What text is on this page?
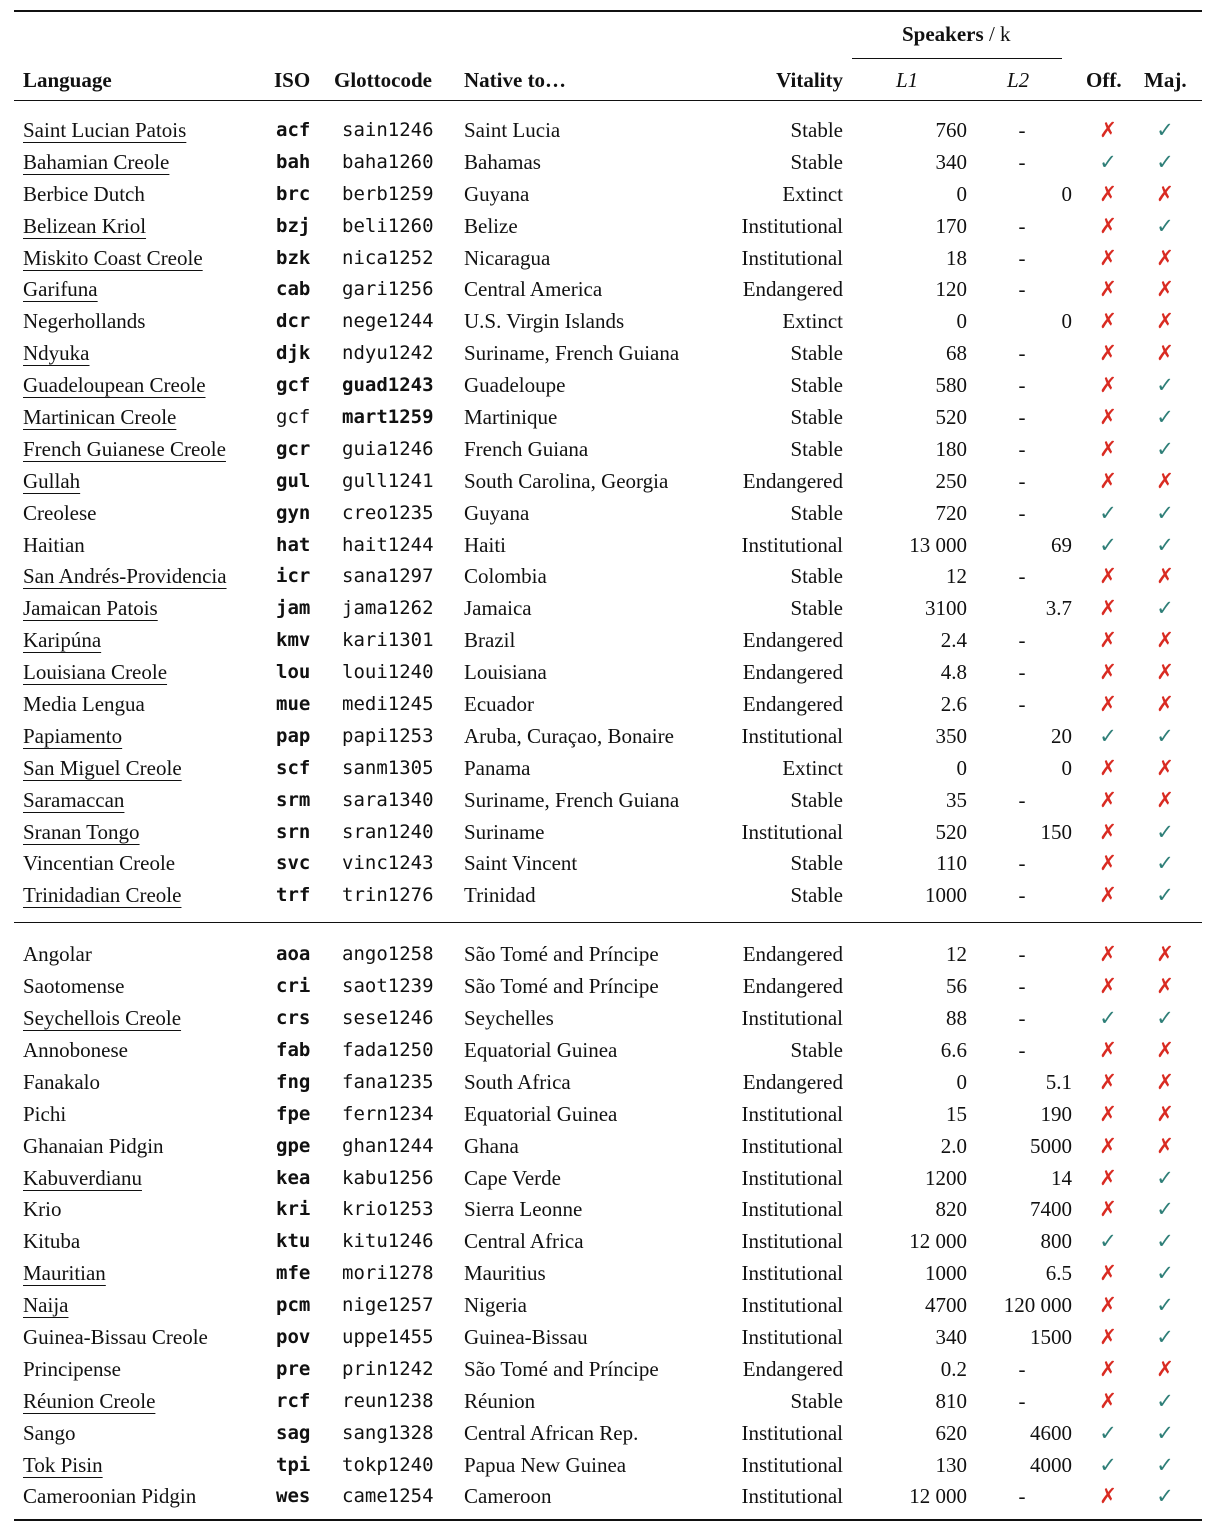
Speakers / k
Language	ISO Glottocode Native to…	Vitality	L1	L2	Off. Maj.
Saint Lucian Patois	acf sain1246 Saint Lucia	Stable	760	-	✗ ✓
Bahamian Creole	bah baha1260 Bahamas	Stable	340	-	✓ ✓
Berbice Dutch	brc berb1259 Guyana	Extinct	0	0 ✗ ✗
Belizean Kriol	bzj beli1260 Belize	Institutional	170	-	✗ ✓
Miskito Coast Creole	bzk nica1252 Nicaragua	Institutional	18	-	✗ ✗
Garifuna	cab gari1256 Central America	Endangered	120	-	✗ ✗
Negerhollands	dcr nege1244 U.S. Virgin Islands	Extinct	0	0 ✗ ✗
Ndyuka	djk ndyu1242 Suriname, French Guiana	Stable	68	-	✗ ✗
Guadeloupean Creole	gcf guad1243 Guadeloupe	Stable	580	-	✗ ✓
Martinican Creole	gcf mart1259 Martinique	Stable	520	-	✗ ✓
French Guianese Creole	gcr guia1246 French Guiana	Stable	180	-	✗ ✓
Gullah	gul gull1241 South Carolina, Georgia	Endangered	250	-	✗ ✗
Creolese	gyn creo1235 Guyana	Stable	720	-	✓ ✓
Haitian	hat hait1244 Haiti	Institutional	13 000	69 ✓ ✓
San Andrés-Providencia	icr sana1297 Colombia	Stable	12	-	✗ ✗
Jamaican Patois	jam jama1262 Jamaica	Stable	3100	3.7 ✗ ✓
Karipúna	kmv kari1301 Brazil	Endangered	2.4	-	✗ ✗
Louisiana Creole	lou loui1240 Louisiana	Endangered	4.8	-	✗ ✗
Media Lengua	mue medi1245 Ecuador	Endangered	2.6	-	✗ ✗
Papiamento	pap papi1253 Aruba, Curaçao, Bonaire	Institutional	350	20 ✓ ✓
San Miguel Creole	scf sanm1305 Panama	Extinct	0	0 ✗ ✗
Saramaccan	srm sara1340 Suriname, French Guiana	Stable	35	-	✗ ✗
Sranan Tongo	srn sran1240 Suriname	Institutional	520	150 ✗ ✓
Vincentian Creole	svc vinc1243 Saint Vincent	Stable	110	-	✗ ✓
Trinidadian Creole	trf trin1276 Trinidad	Stable	1000	-	✗ ✓
Angolar	aoa ango1258 São Tomé and Príncipe	Endangered	12	-	✗ ✗
Saotomense	cri saot1239 São Tomé and Príncipe	Endangered	56	-	✗ ✗
Seychellois Creole	crs sese1246 Seychelles	Institutional	88	-	✓ ✓
Annobonese	fab fada1250 Equatorial Guinea	Stable	6.6	-	✗ ✗
Fanakalo	fng fana1235 South Africa	Endangered	0	5.1 ✗ ✗
Pichi	fpe fern1234 Equatorial Guinea	Institutional	15	190 ✗ ✗
Ghanaian Pidgin	gpe ghan1244 Ghana	Institutional	2.0	5000 ✗ ✗
Kabuverdianu	kea kabu1256 Cape Verde	Institutional	1200	14 ✗ ✓
Krio	kri krio1253 Sierra Leonne	Institutional	820	7400 ✗ ✓
Kituba	ktu kitu1246 Central Africa	Institutional	12 000	800 ✓ ✓
Mauritian	mfe mori1278 Mauritius	Institutional	1000	6.5 ✗ ✓
Naija	pcm nige1257 Nigeria	Institutional	4700	120 000 ✗ ✓
Guinea-Bissau Creole	pov uppe1455 Guinea-Bissau	Institutional	340	1500 ✗ ✓
Principense	pre prin1242 São Tomé and Príncipe	Endangered	0.2	-	✗ ✗
Réunion Creole	rcf reun1238 Réunion	Stable	810	-	✗ ✓
Sango	sag sang1328 Central African Rep.	Institutional	620	4600 ✓ ✓
Tok Pisin	tpi tokp1240 Papua New Guinea	Institutional	130	4000 ✓ ✓
Cameroonian Pidgin	wes came1254 Cameroon	Institutional	12 000	-	✗ ✓
